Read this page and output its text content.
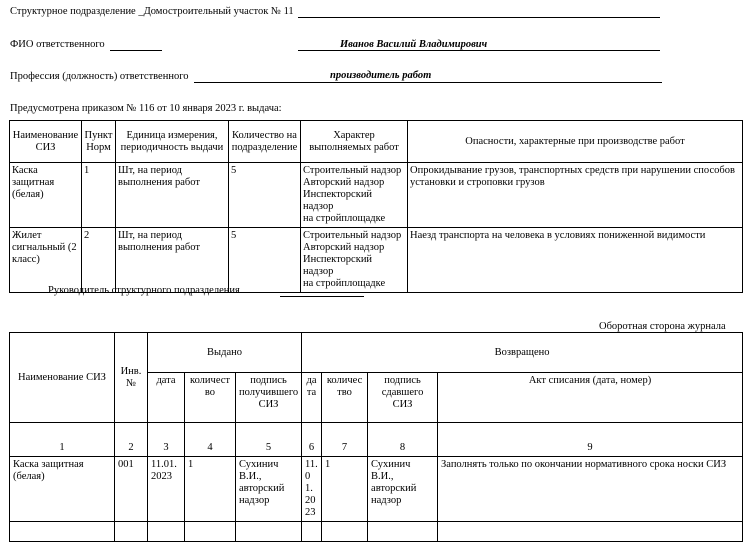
Структурное подразделение _Домостроительный участок № 11
ФИО ответственного	Иванов Василий Владимирович
Профессия (должность) ответственного	производитель работ
Предусмотрена приказом № 116 от 10 января 2023 г. выдача:
Наименование СИЗ	Пункт Норм	Единица измерения, периодичность выдачи	Количество на подразделение	Характер выполняемых работ	Опасности, характерные при производстве работ
Каска защитная (белая)	1	Шт, на период выполнения работ	5	Строительный надзор
Авторский надзор
Инспекторский надзор
на стройплощадке	Опрокидывание грузов, транспортных средств при нарушении способов установки и строповки грузов
Жилет сигнальный (2 класс)	2	Шт, на период выполнения работ	5	Строительный надзор
Авторский надзор
Инспекторский надзор
на стройплощадке	Наезд транспорта на человека в условиях пониженной видимости
Руководитель структурного подразделения
Оборотная сторона журнала
Наименование СИЗ	Инв. №	Выдано			Возвращено			
		дата	количество	подпись получившего СИЗ	дата	количество	подпись сдавшего СИЗ	Акт списания (дата, номер)
1	2	3	4	5	6	7	8	9
Каска защитная (белая)	001	11.01. 2023	1	Сухинич В.И., авторский надзор	11. 01. 20 23	1	Сухинич В.И., авторский надзор	Заполнять только по окончании нормативного срока носки СИЗ
